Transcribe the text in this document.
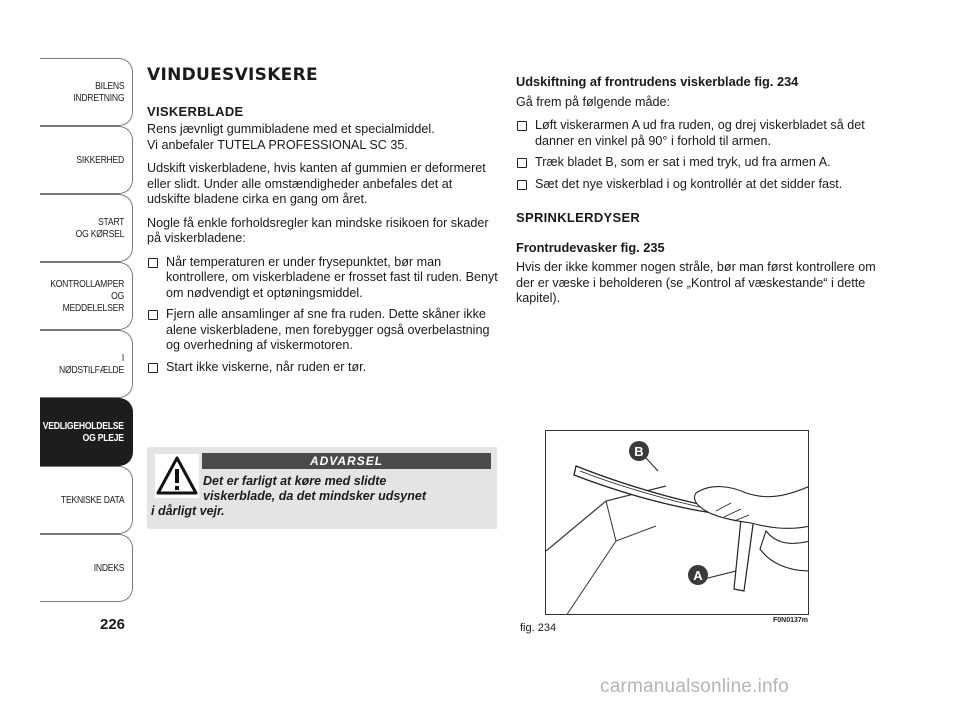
BILENS
INDRETNING
SIKKERHED
START
OG KØRSEL
KONTROLLAMPER
OG MEDDELELSER
I NØDSTILFÆLDE
VEDLIGEHOLDELSE
OG PLEJE
TEKNISKE DATA
INDEKS
226
VINDUESVISKERE
VISKERBLADE

Rens jævnligt gummibladene med et specialmiddel.
Vi anbefaler TUTELA PROFESSIONAL SC 35.

Udskift viskerbladene, hvis kanten af gummien er deformeret eller slidt. Under alle omstændigheder anbefales det at udskifte bladene cirka en gang om året.

Nogle få enkle forholdsregler kan mindske risikoen for skader på viskerbladene:

Når temperaturen er under frysepunktet, bør man kontrollere, om viskerbladene er frosset fast til ruden. Benyt om nødvendigt et optøningsmiddel.
Fjern alle ansamlinger af sne fra ruden. Dette skåner ikke alene viskerbladene, men forebygger også overbelastning og overhedning af viskermotoren.
Start ikke viskerne, når ruden er tør.
ADVARSEL
Det er farligt at køre med slidte
viskerblade, da det mindsker udsynet
i dårligt vejr.
Udskiftning af frontrudens viskerblade fig. 234

Gå frem på følgende måde:

Løft viskerarmen A ud fra ruden, og drej viskerbladet så det danner en vinkel på 90° i forhold til armen.
Træk bladet B, som er sat i med tryk, ud fra armen A.
Sæt det nye viskerblad i og kontrollér at det sidder fast.
SPRINKLERDYSER
Frontrudevasker fig. 235

Hvis der ikke kommer nogen stråle, bør man først kontrollere om der er væske i beholderen (se „Kontrol af væskestande“ i dette kapitel).

B
A
F0N0137m
fig. 234
carmanualsonline.info
